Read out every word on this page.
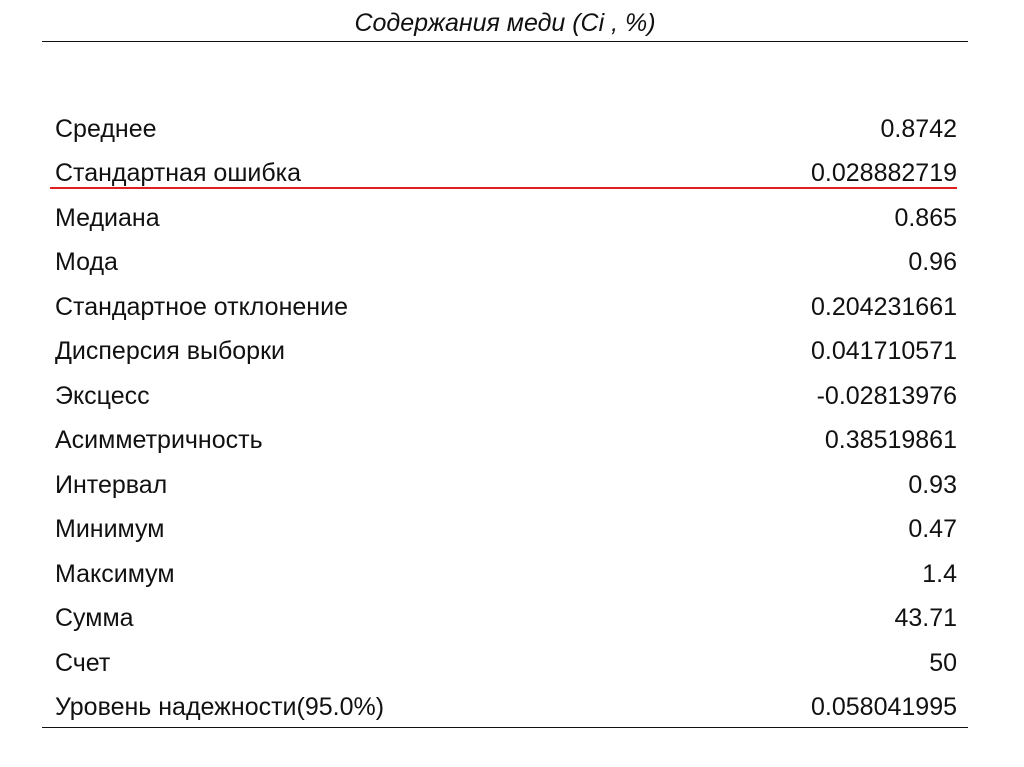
Содержания меди (Ci , %)
Среднее	0.8742
Стандартная ошибка	0.028882719
Медиана	0.865
Мода	0.96
Стандартное отклонение	0.204231661
Дисперсия выборки	0.041710571
Эксцесс	-0.02813976
Асимметричность	0.38519861
Интервал	0.93
Минимум	0.47
Максимум	1.4
Сумма	43.71
Счет	50
Уровень надежности(95.0%)	0.058041995
